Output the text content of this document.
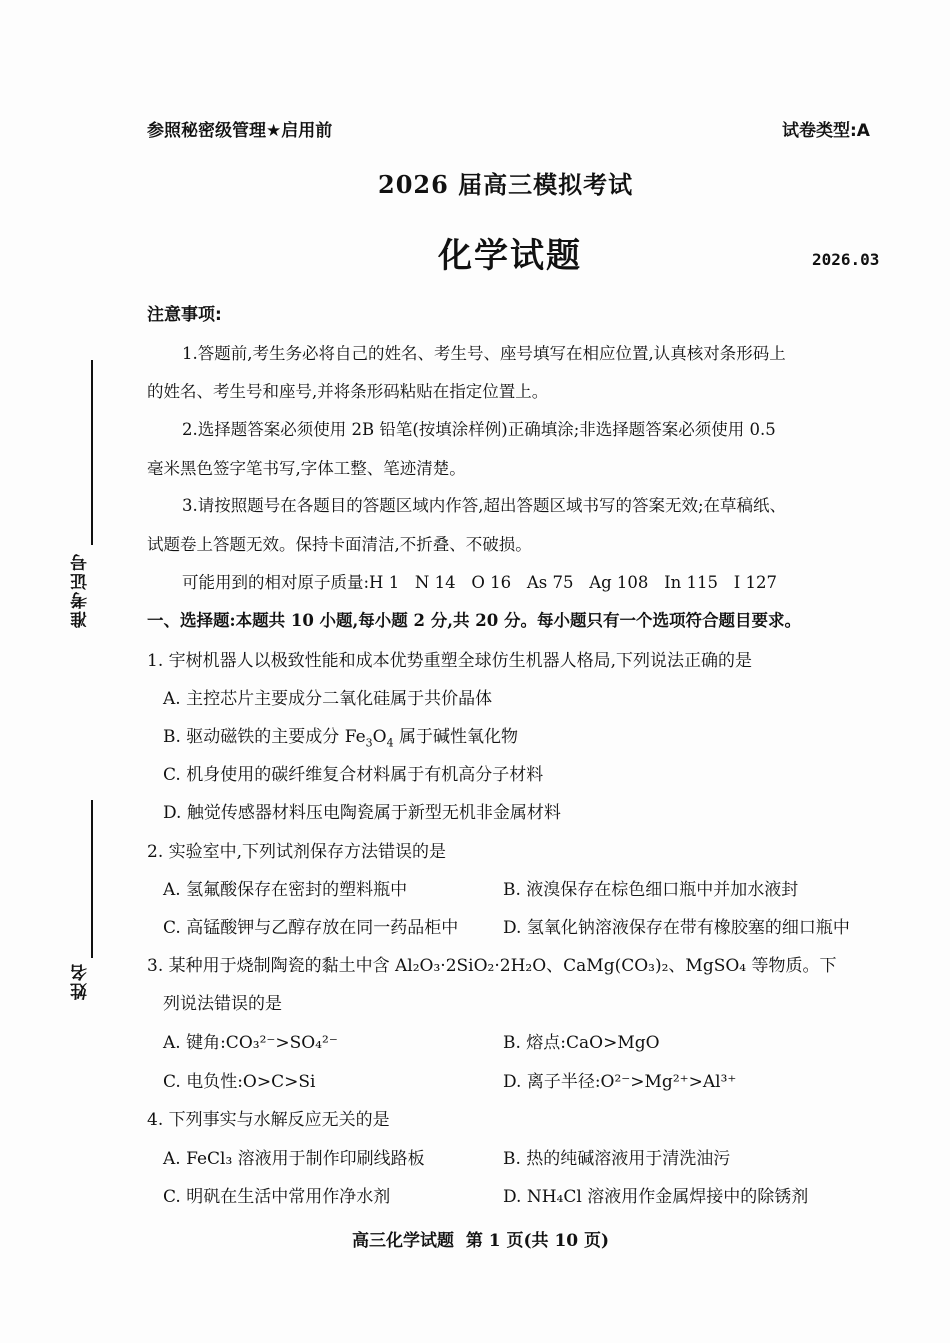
参照秘密级管理★启用前	试卷类型:A
2026 届高三模拟考试
化学试题	2026.03
准考证号
姓名
注意事项:
1.答题前,考生务必将自己的姓名、考生号、座号填写在相应位置,认真核对条形码上
的姓名、考生号和座号,并将条形码粘贴在指定位置上。
2.选择题答案必须使用 2B 铅笔(按填涂样例)正确填涂;非选择题答案必须使用 0.5
毫米黑色签字笔书写,字体工整、笔迹清楚。
3.请按照题号在各题目的答题区域内作答,超出答题区域书写的答案无效;在草稿纸、
试题卷上答题无效。保持卡面清洁,不折叠、不破损。
可能用到的相对原子质量:H 1   N 14   O 16   As 75   Ag 108   In 115   I 127
一、选择题:本题共 10 小题,每小题 2 分,共 20 分。每小题只有一个选项符合题目要求。
1. 宇树机器人以极致性能和成本优势重塑全球仿生机器人格局,下列说法正确的是
A. 主控芯片主要成分二氧化硅属于共价晶体
B. 驱动磁铁的主要成分 $Fe_3O_4$ 属于碱性氧化物
C. 机身使用的碳纤维复合材料属于有机高分子材料
D. 触觉传感器材料压电陶瓷属于新型无机非金属材料
2. 实验室中,下列试剂保存方法错误的是
A. 氢氟酸保存在密封的塑料瓶中	B. 液溴保存在棕色细口瓶中并加水液封
C. 高锰酸钾与乙醇存放在同一药品柜中	D. 氢氧化钠溶液保存在带有橡胶塞的细口瓶中
3. 某种用于烧制陶瓷的黏土中含 Al₂O₃·2SiO₂·2H₂O、CaMg(CO₃)₂、MgSO₄ 等物质。下
列说法错误的是
A. 键角:CO₃²⁻>SO₄²⁻	B. 熔点:CaO>MgO
C. 电负性:O>C>Si	D. 离子半径:O²⁻>Mg²⁺>Al³⁺
4. 下列事实与水解反应无关的是
A. FeCl₃ 溶液用于制作印刷线路板	B. 热的纯碱溶液用于清洗油污
C. 明矾在生活中常用作净水剂	D. NH₄Cl 溶液用作金属焊接中的除锈剂
高三化学试题  第 1 页(共 10 页)
